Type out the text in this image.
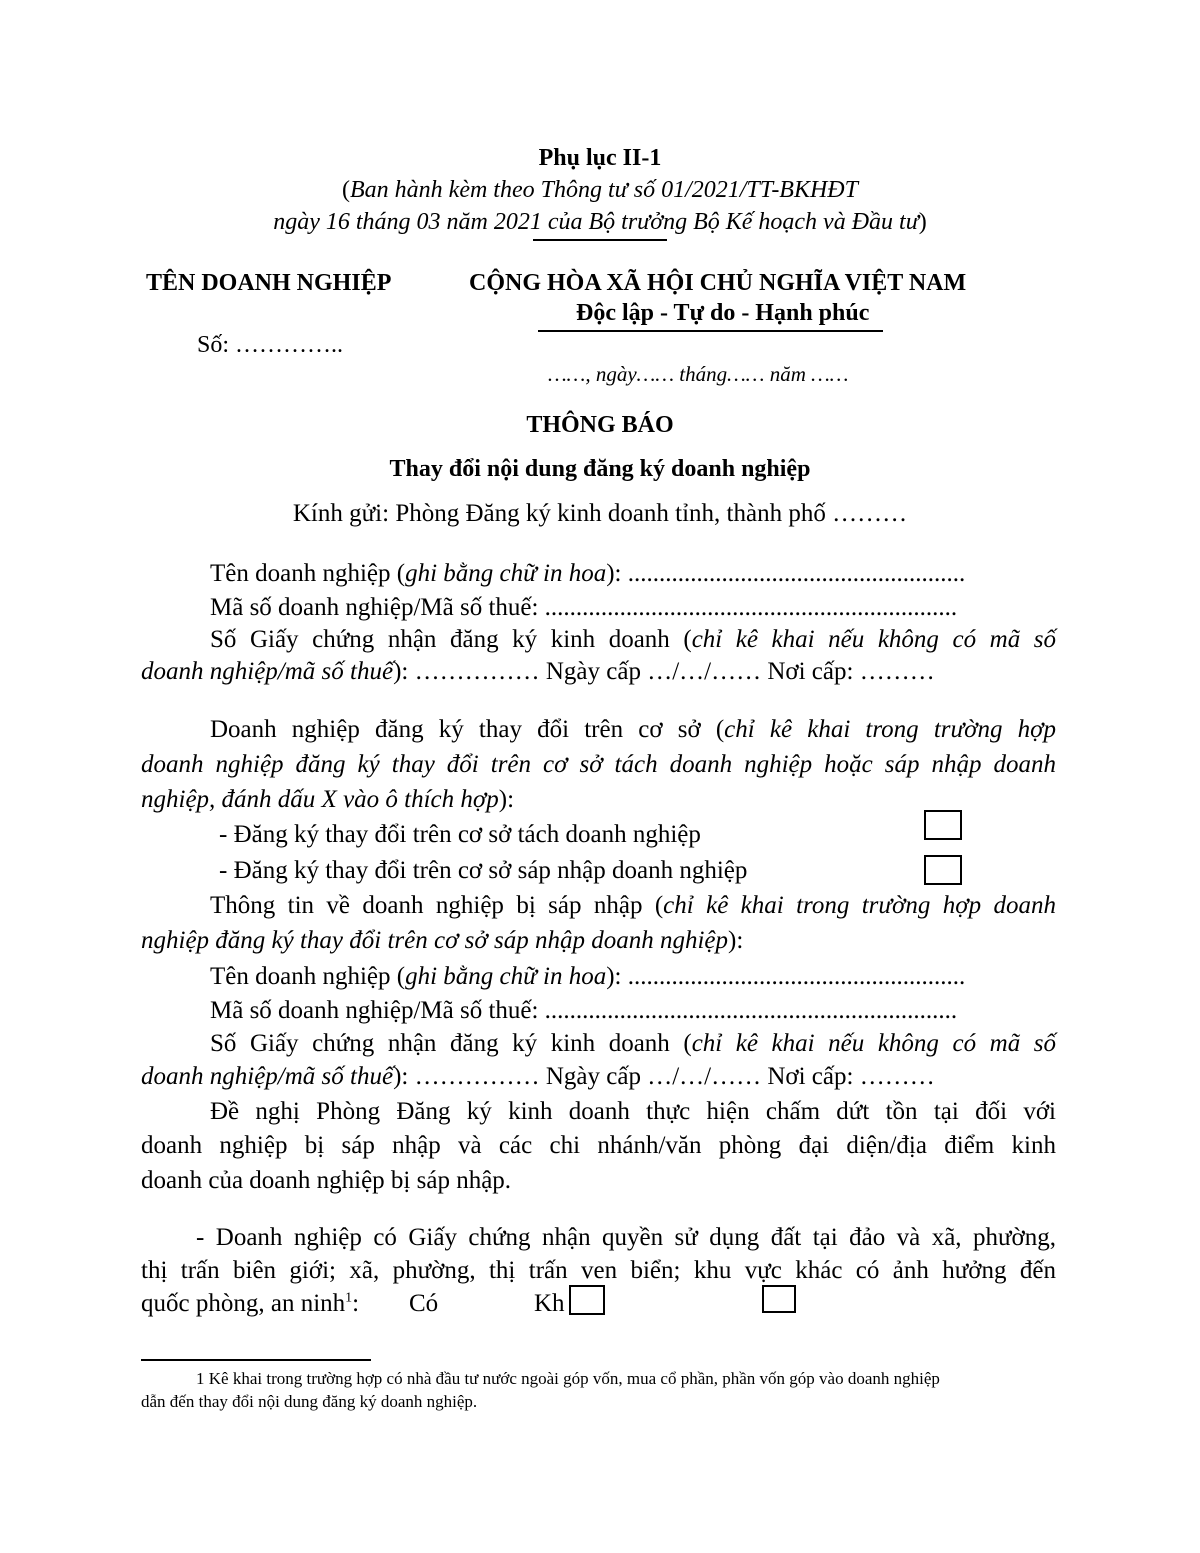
Phụ lục II-1
(Ban hành kèm theo Thông tư số 01/2021/TT-BKHĐT
ngày 16 tháng 03 năm 2021 của Bộ trưởng Bộ Kế hoạch và Đầu tư)
TÊN DOANH NGHIỆP
Số: …………..
CỘNG HÒA XÃ HỘI CHỦ NGHĨA VIỆT NAM
Độc lập - Tự do - Hạnh phúc
……, ngày…… tháng…… năm ……
THÔNG BÁO
Thay đổi nội dung đăng ký doanh nghiệp
Kính gửi: Phòng Đăng ký kinh doanh tỉnh, thành phố ………
Tên doanh nghiệp (ghi bằng chữ in hoa): ......................................................
Mã số doanh nghiệp/Mã số thuế: ..................................................................
Số Giấy chứng nhận đăng ký kinh doanh (chỉ kê khai nếu không có mã số
doanh nghiệp/mã số thuế): …………… Ngày cấp …/…/…… Nơi cấp: ………
Doanh nghiệp đăng ký thay đổi trên cơ sở (chỉ kê khai trong trường hợp
doanh nghiệp đăng ký thay đổi trên cơ sở tách doanh nghiệp hoặc sáp nhập doanh
nghiệp, đánh dấu X vào ô thích hợp):
- Đăng ký thay đổi trên cơ sở tách doanh nghiệp
- Đăng ký thay đổi trên cơ sở sáp nhập doanh nghiệp
Thông tin về doanh nghiệp bị sáp nhập (chỉ kê khai trong trường hợp doanh
nghiệp đăng ký thay đổi trên cơ sở sáp nhập doanh nghiệp):
Tên doanh nghiệp (ghi bằng chữ in hoa): ......................................................
Mã số doanh nghiệp/Mã số thuế: ..................................................................
Số Giấy chứng nhận đăng ký kinh doanh (chỉ kê khai nếu không có mã số
doanh nghiệp/mã số thuế): …………… Ngày cấp …/…/…… Nơi cấp: ………
Đề nghị Phòng Đăng ký kinh doanh thực hiện chấm dứt tồn tại đối với
doanh nghiệp bị sáp nhập và các chi nhánh/văn phòng đại diện/địa điểm kinh
doanh của doanh nghiệp bị sáp nhập.
- Doanh nghiệp có Giấy chứng nhận quyền sử dụng đất tại đảo và xã, phường,
thị trấn biên giới; xã, phường, thị trấn ven biển; khu vực khác có ảnh hưởng đến
quốc phòng, an ninh$^1$: Có	Kh
1 Kê khai trong trường hợp có nhà đầu tư nước ngoài góp vốn, mua cổ phần, phần vốn góp vào doanh nghiệp
dẫn đến thay đổi nội dung đăng ký doanh nghiệp.
